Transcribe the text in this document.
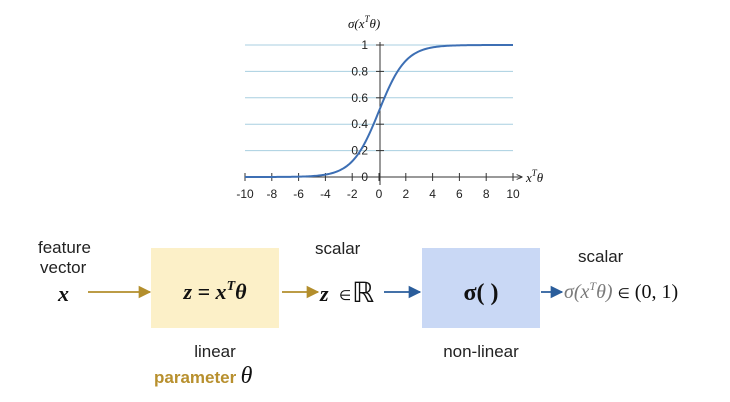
-10 -8 -6 -4 -2 0 2 4 6 8 10
0
0.2
0.4
0.6
0.8
1
$\sigma(x^T\theta)$
$x^T\theta$
feature
vector
x	$z = x^T\theta$
linear
parameter θ
scalar
z ∈ ℝ	σ( )
non-linear
scalar
$\sigma(x^T\theta)$ ∈ (0, 1)
